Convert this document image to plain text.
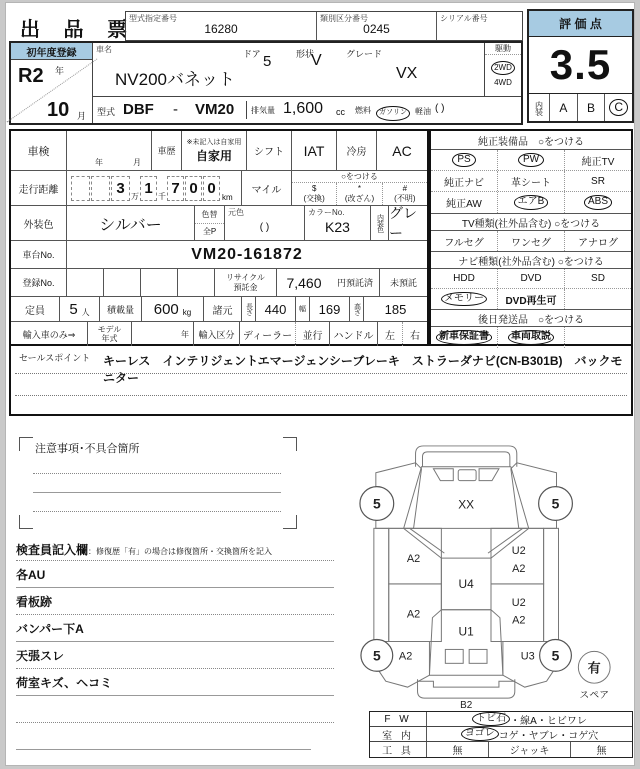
出 品 票
型式指定番号
16280
類別区分番号
0245
シリアル番号	評 価 点
3.5
内装	A	B	C
初年度登録
R2 年
10 月
車名
NV200バネット
ドア 5	形状
V	グレード
VX
駆動
2WD
4WD
型式 DBF - VM20	排気量 1,600 cc 燃料	ガソリン	軽油 ( )
車検
年	月
車歴
※未記入は自家用
自家用	シフト	IAT	冷房	AC
走行距離	3 万 1 千 7 0 0
km
マイル
○をつける
$
(交換)
*
(改ざん)
#
(不明)
外装色	シルバー
色替
全P
元色
( )
カラーNo.
K23	内装色
グレー
車台No.	VM20-161872
登録No.
リサイクル
預託金	7,460	円預託済	未預託
定員	5 人	積載量	600 kg	諸元	長さ 440	幅 169	高さ	185
輸入車のみ⇒
モデル
年式	年	輸入区分 ディーラー	並行	ハンドル	左	右
純正装備品　○をつける
PS	PW	純正TV
純正ナビ	革シート	SR
純正AW	エアB	ABS
TV種類(社外品含む) ○をつける
フルセグ	ワンセグ	アナログ
ナビ種類(社外品含む) ○をつける
HDD	DVD	SD
メモリー	DVD再生可
後日発送品　○をつける
新車保証書	車両取説
セールスポイント キーレス　インテリジェントエマージェンシーブレーキ　ストラーダナビ(CN-B301B)　バックモニター
注意事項･不具合箇所
検査員記入欄：修復歴「有」の場合は修復箇所・交換箇所を記入
各AU
看板跡
バンパー下A
天張スレ
荷室キズ、ヘコミ
XX
U4
A2
A2
U2
A2
U2
A2
U1
A2	U3
5	5
5	5
B2
有
スペア
F W	トビ石 ・線A・ヒビワレ
室 内	ヨゴレ コゲ・ヤブレ・コゲ穴
工 具	無	ジャッキ	無
